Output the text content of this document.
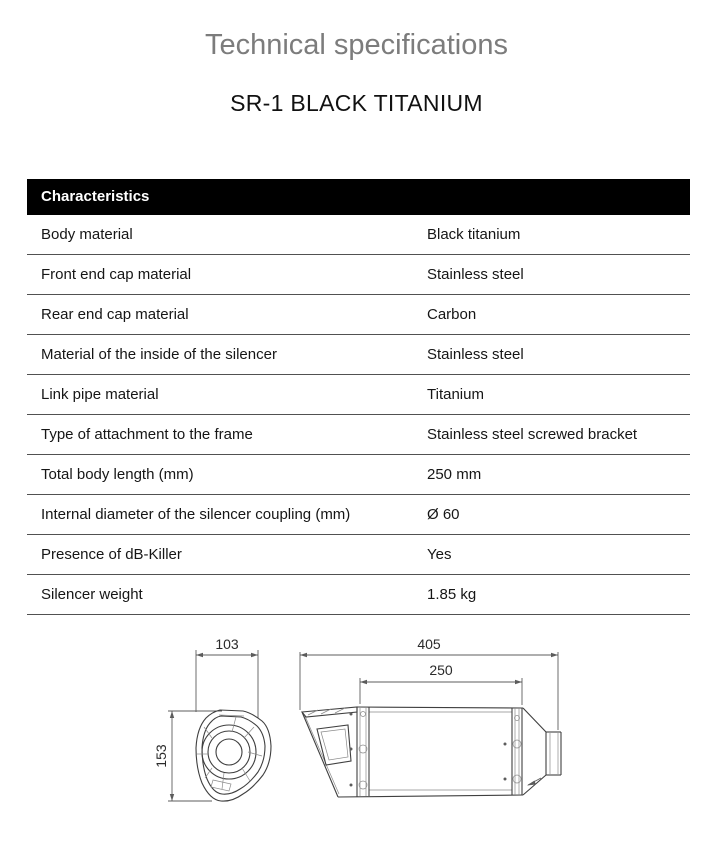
Technical specifications
SR-1 BLACK TITANIUM
Characteristics
Body material	Black titanium
Front end cap material	Stainless steel
Rear end cap material	Carbon
Material of the inside of the silencer	Stainless steel
Link pipe material	Titanium
Type of attachment to the frame	Stainless steel screwed bracket
Total body length (mm)	250 mm
Internal diameter of the silencer coupling (mm)	Ø 60
Presence of dB-Killer	Yes
Silencer weight	1.85 kg
103
153
405
250
